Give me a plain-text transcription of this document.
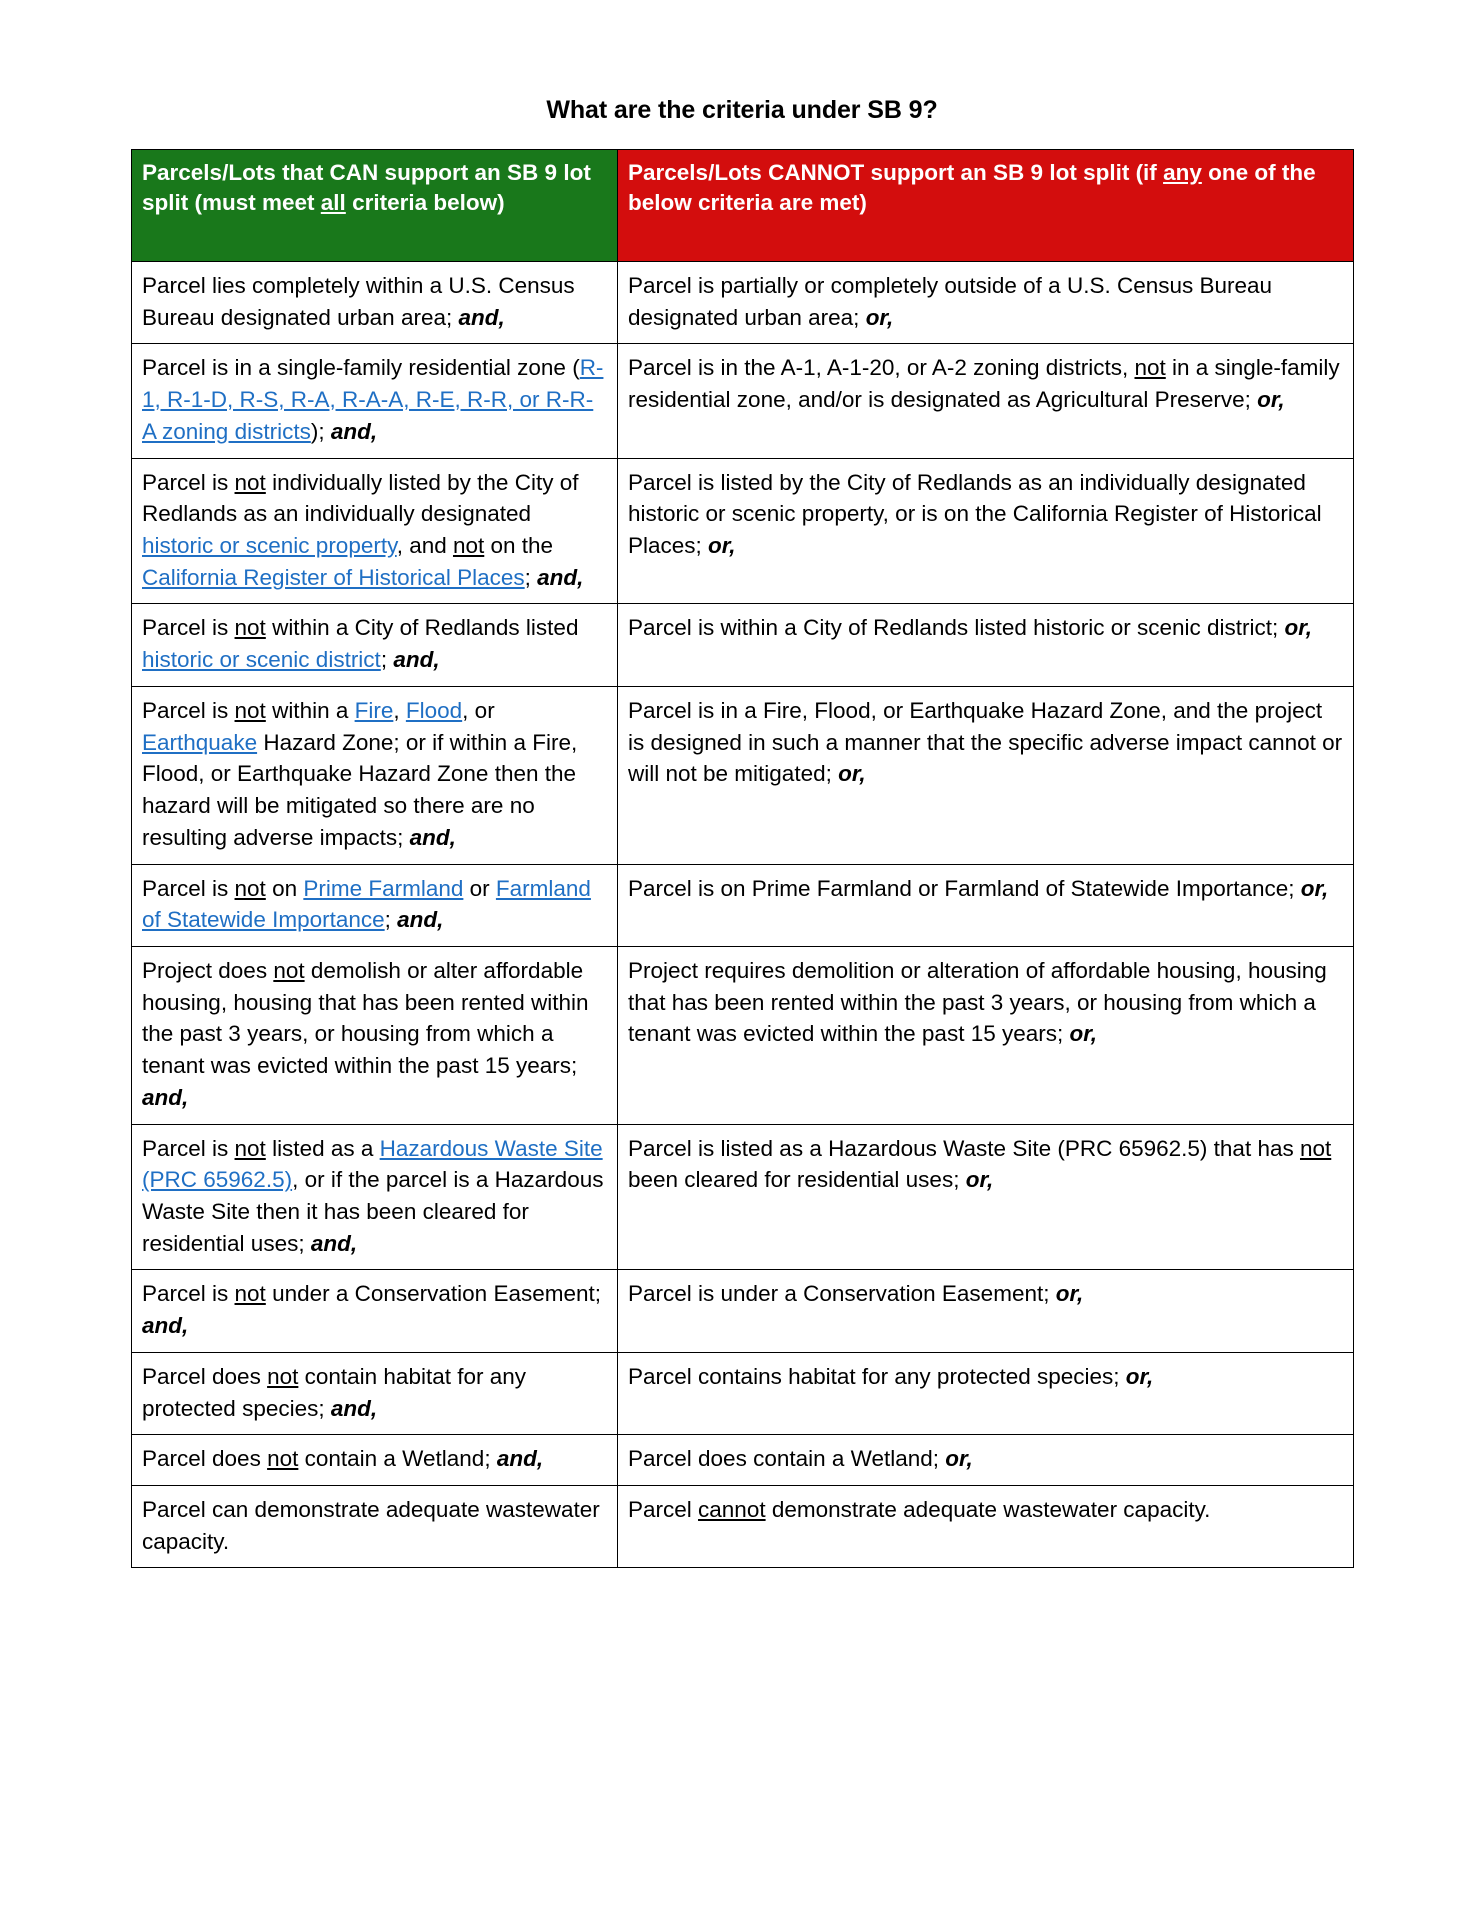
What are the criteria under SB 9?
Parcels/Lots that CAN support an SB 9 lot split (must meet all criteria below)	Parcels/Lots CANNOT support an SB 9 lot split (if any one of the below criteria are met)
Parcel lies completely within a U.S. Census Bureau designated urban area; and,	Parcel is partially or completely outside of a U.S. Census Bureau designated urban area; or,
Parcel is in a single-family residential zone (R-1, R-1-D, R-S, R-A, R-A-A, R-E, R-R, or R-R-A zoning districts); and,	Parcel is in the A-1, A-1-20, or A-2 zoning districts, not in a single-family residential zone, and/or is designated as Agricultural Preserve; or,
Parcel is not individually listed by the City of Redlands as an individually designated historic or scenic property, and not on the California Register of Historical Places; and,	Parcel is listed by the City of Redlands as an individually designated historic or scenic property, or is on the California Register of Historical Places; or,
Parcel is not within a City of Redlands listed historic or scenic district; and,	Parcel is within a City of Redlands listed historic or scenic district; or,
Parcel is not within a Fire, Flood, or Earthquake Hazard Zone; or if within a Fire, Flood, or Earthquake Hazard Zone then the hazard will be mitigated so there are no resulting adverse impacts; and,	Parcel is in a Fire, Flood, or Earthquake Hazard Zone, and the project is designed in such a manner that the specific adverse impact cannot or will not be mitigated; or,
Parcel is not on Prime Farmland or Farmland of Statewide Importance; and,	Parcel is on Prime Farmland or Farmland of Statewide Importance; or,
Project does not demolish or alter affordable housing, housing that has been rented within the past 3 years, or housing from which a tenant was evicted within the past 15 years; and,	Project requires demolition or alteration of affordable housing, housing that has been rented within the past 3 years, or housing from which a tenant was evicted within the past 15 years; or,
Parcel is not listed as a Hazardous Waste Site (PRC 65962.5), or if the parcel is a Hazardous Waste Site then it has been cleared for residential uses; and,	Parcel is listed as a Hazardous Waste Site (PRC 65962.5) that has not been cleared for residential uses; or,
Parcel is not under a Conservation Easement; and,	Parcel is under a Conservation Easement; or,
Parcel does not contain habitat for any protected species; and,	Parcel contains habitat for any protected species; or,
Parcel does not contain a Wetland; and,	Parcel does contain a Wetland; or,
Parcel can demonstrate adequate wastewater capacity.	Parcel cannot demonstrate adequate wastewater capacity.
